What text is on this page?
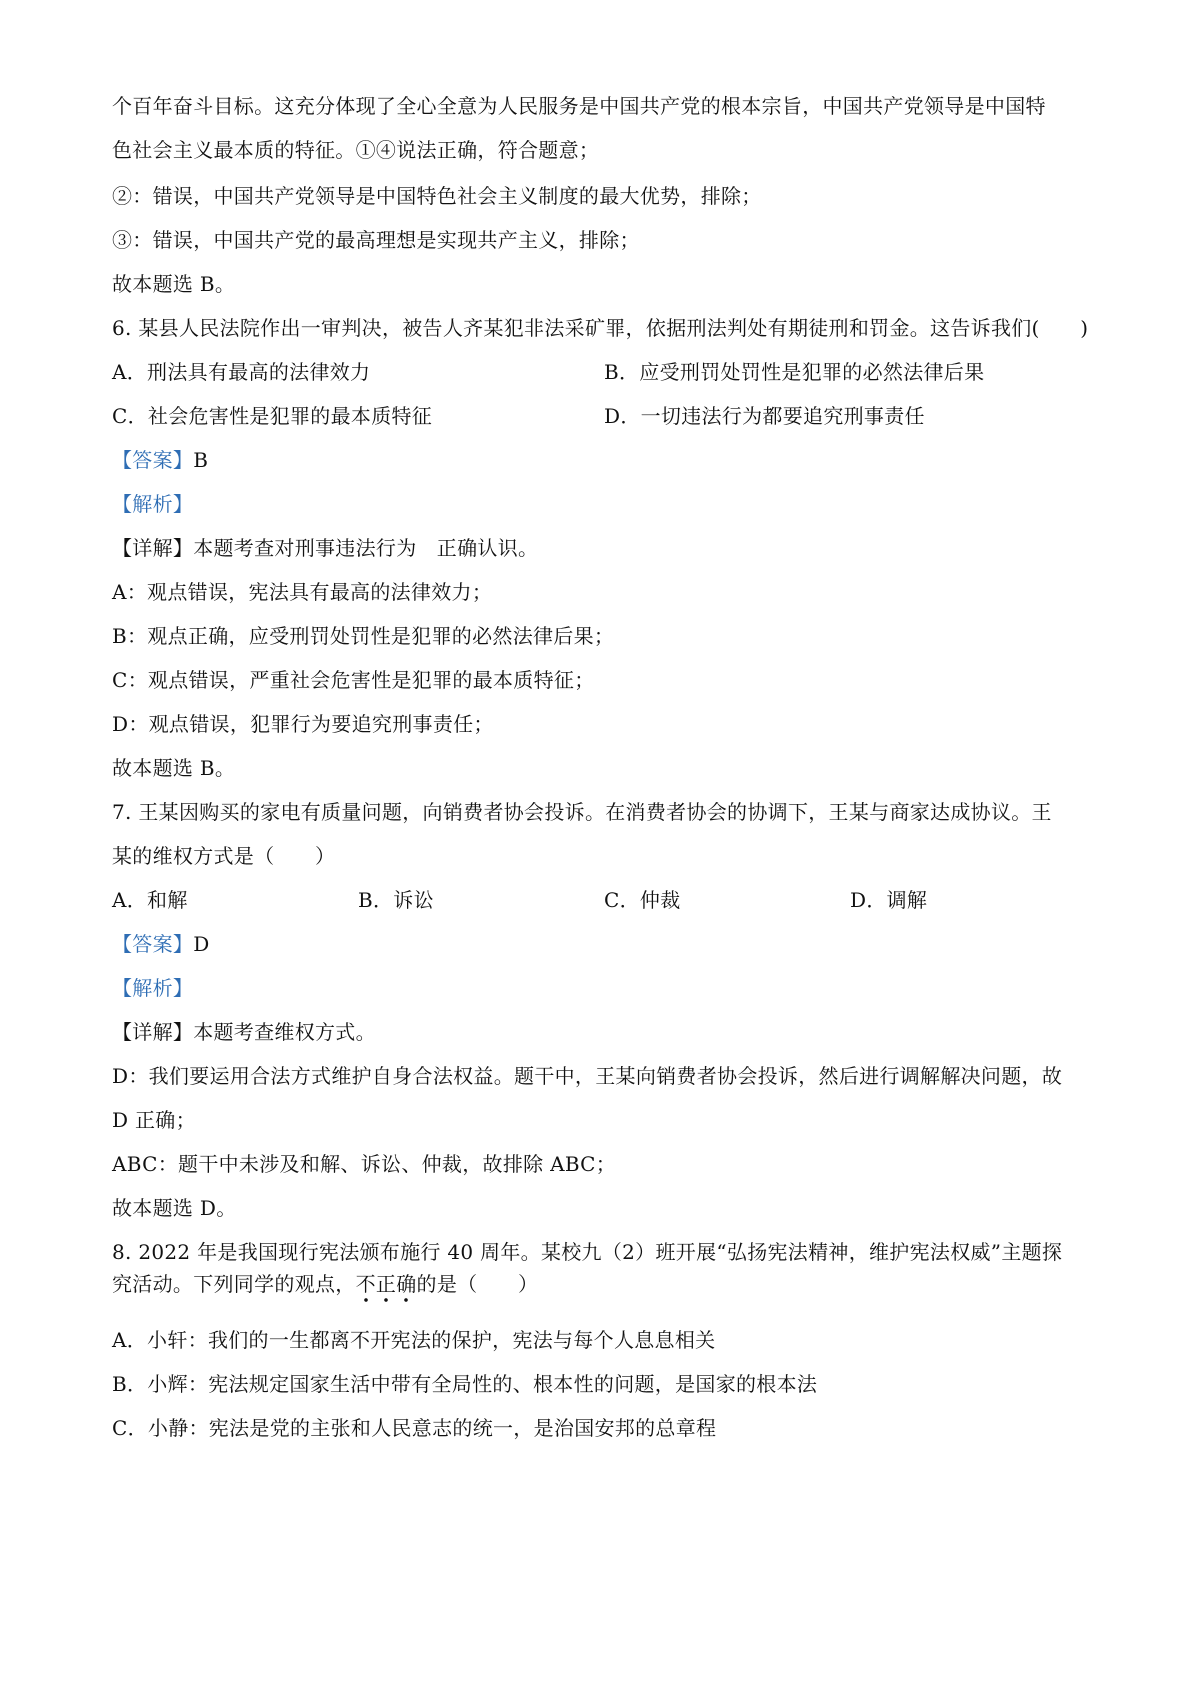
个百年奋斗目标。这充分体现了全心全意为人民服务是中国共产党的根本宗旨，中国共产党领导是中国特
色社会主义最本质的特征。①④说法正确，符合题意；
②：错误，中国共产党领导是中国特色社会主义制度的最大优势，排除；
③：错误，中国共产党的最高理想是实现共产主义，排除；
故本题选 B。
6. 某县人民法院作出一审判决，被告人齐某犯非法采矿罪，依据刑法判处有期徒刑和罚金。这告诉我们(　　)
A．刑法具有最高的法律效力	B．应受刑罚处罚性是犯罪的必然法律后果
C．社会危害性是犯罪的最本质特征	D．一切违法行为都要追究刑事责任
【答案】B
【解析】
【详解】本题考查对刑事违法行为　正确认识。
A：观点错误，宪法具有最高的法律效力；
B：观点正确，应受刑罚处罚性是犯罪的必然法律后果；
C：观点错误，严重社会危害性是犯罪的最本质特征；
D：观点错误，犯罪行为要追究刑事责任；
故本题选 B。
7. 王某因购买的家电有质量问题，向销费者协会投诉。在消费者协会的协调下，王某与商家达成协议。王
某的维权方式是（　　）
A．和解	B．诉讼	C．仲裁	D．调解
【答案】D
【解析】
【详解】本题考查维权方式。
D：我们要运用合法方式维护自身合法权益。题干中，王某向销费者协会投诉，然后进行调解解决问题，故
D 正确；
ABC：题干中未涉及和解、诉讼、仲裁，故排除 ABC；
故本题选 D。
8. 2022 年是我国现行宪法颁布施行 40 周年。某校九（2）班开展“弘扬宪法精神，维护宪法权威”主题探
究活动。下列同学的观点，不正确的是（　　）
A．小轩：我们的一生都离不开宪法的保护，宪法与每个人息息相关
B．小辉：宪法规定国家生活中带有全局性的、根本性的问题，是国家的根本法
C．小静：宪法是党的主张和人民意志的统一，是治国安邦的总章程
